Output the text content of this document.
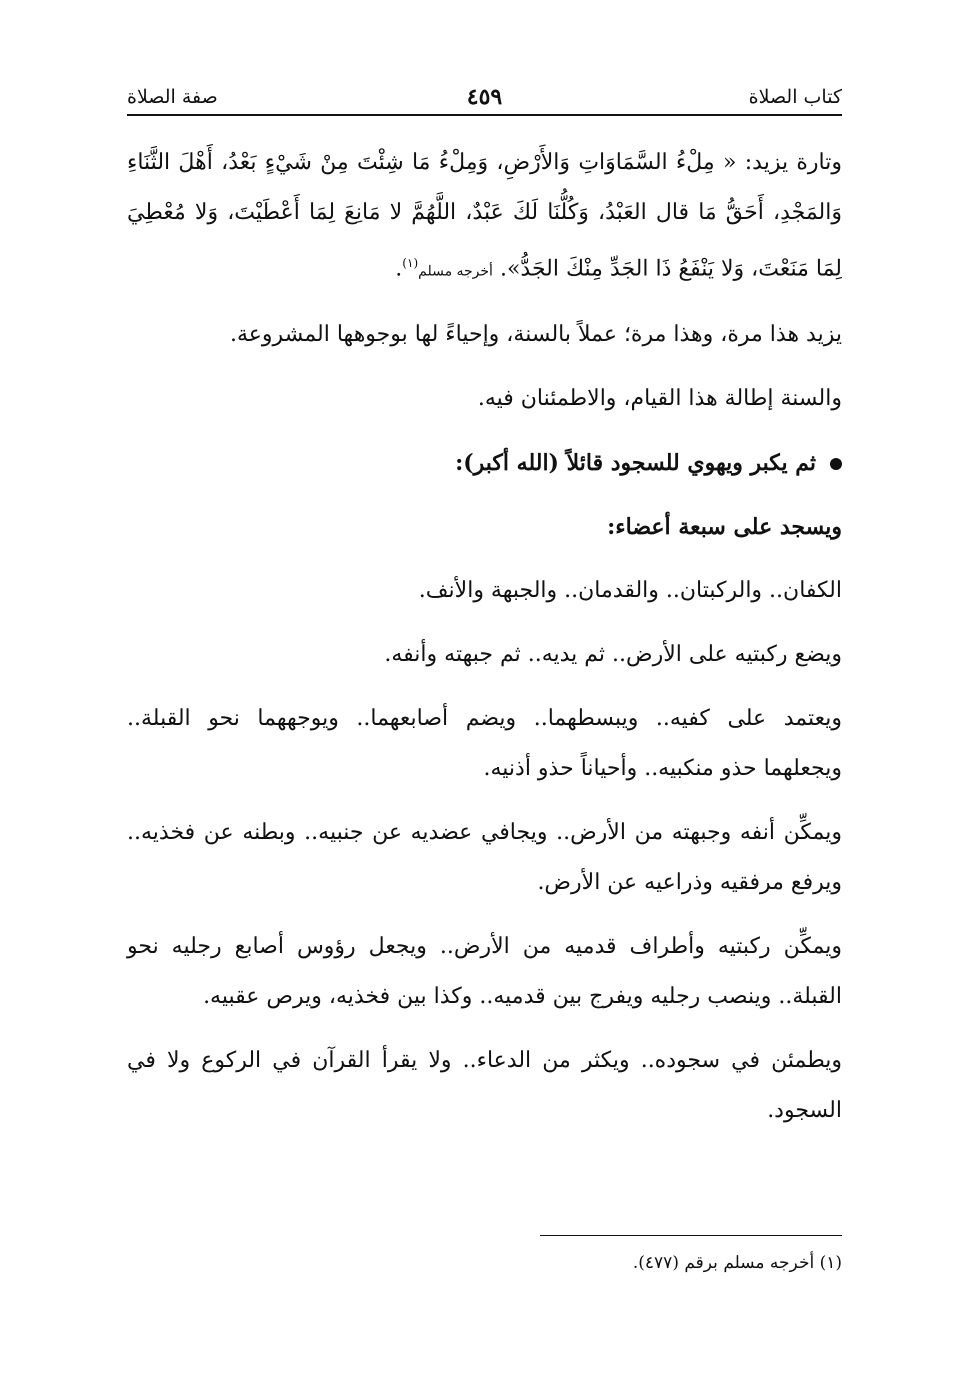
كتاب الصلاة
٤٥٩
صفة الصلاة

وتارة يزيد: « مِلْءُ السَّمَاوَاتِ وَالأَرْضِ، وَمِلْءُ مَا شِئْتَ مِنْ شَيْءٍ بَعْدُ، أَهْلَ الثَّنَاءِ وَالمَجْدِ، أَحَقُّ مَا قال العَبْدُ، وَكُلُّنَا لَكَ عَبْدٌ، اللَّهُمَّ لا مَانِعَ لِمَا أَعْطَيْتَ، وَلا مُعْطِيَ لِمَا مَنَعْتَ، وَلا يَنْفَعُ ذَا الجَدِّ مِنْكَ الجَدُّ». أخرجه مسلم$^{(١)}$.

يزيد هذا مرة، وهذا مرة؛ عملاً بالسنة، وإحياءً لها بوجوهها المشروعة.

والسنة إطالة هذا القيام، والاطمئنان فيه.

ثم يكبر ويهوي للسجود قائلاً (الله أكبر):

ويسجد على سبعة أعضاء:

الكفان.. والركبتان.. والقدمان.. والجبهة والأنف.

ويضع ركبتيه على الأرض.. ثم يديه.. ثم جبهته وأنفه.

ويعتمد على كفيه.. ويبسطهما.. ويضم أصابعهما.. ويوجههما نحو القبلة.. ويجعلهما حذو منكبيه.. وأحياناً حذو أذنيه.

ويمكِّن أنفه وجبهته من الأرض.. ويجافي عضديه عن جنبيه.. وبطنه عن فخذيه.. ويرفع مرفقيه وذراعيه عن الأرض.

ويمكِّن ركبتيه وأطراف قدميه من الأرض.. ويجعل رؤوس أصابع رجليه نحو القبلة.. وينصب رجليه ويفرج بين قدميه.. وكذا بين فخذيه، ويرص عقبيه.

ويطمئن في سجوده.. ويكثر من الدعاء.. ولا يقرأ القرآن في الركوع ولا في السجود.

(١) أخرجه مسلم برقم (٤٧٧).
